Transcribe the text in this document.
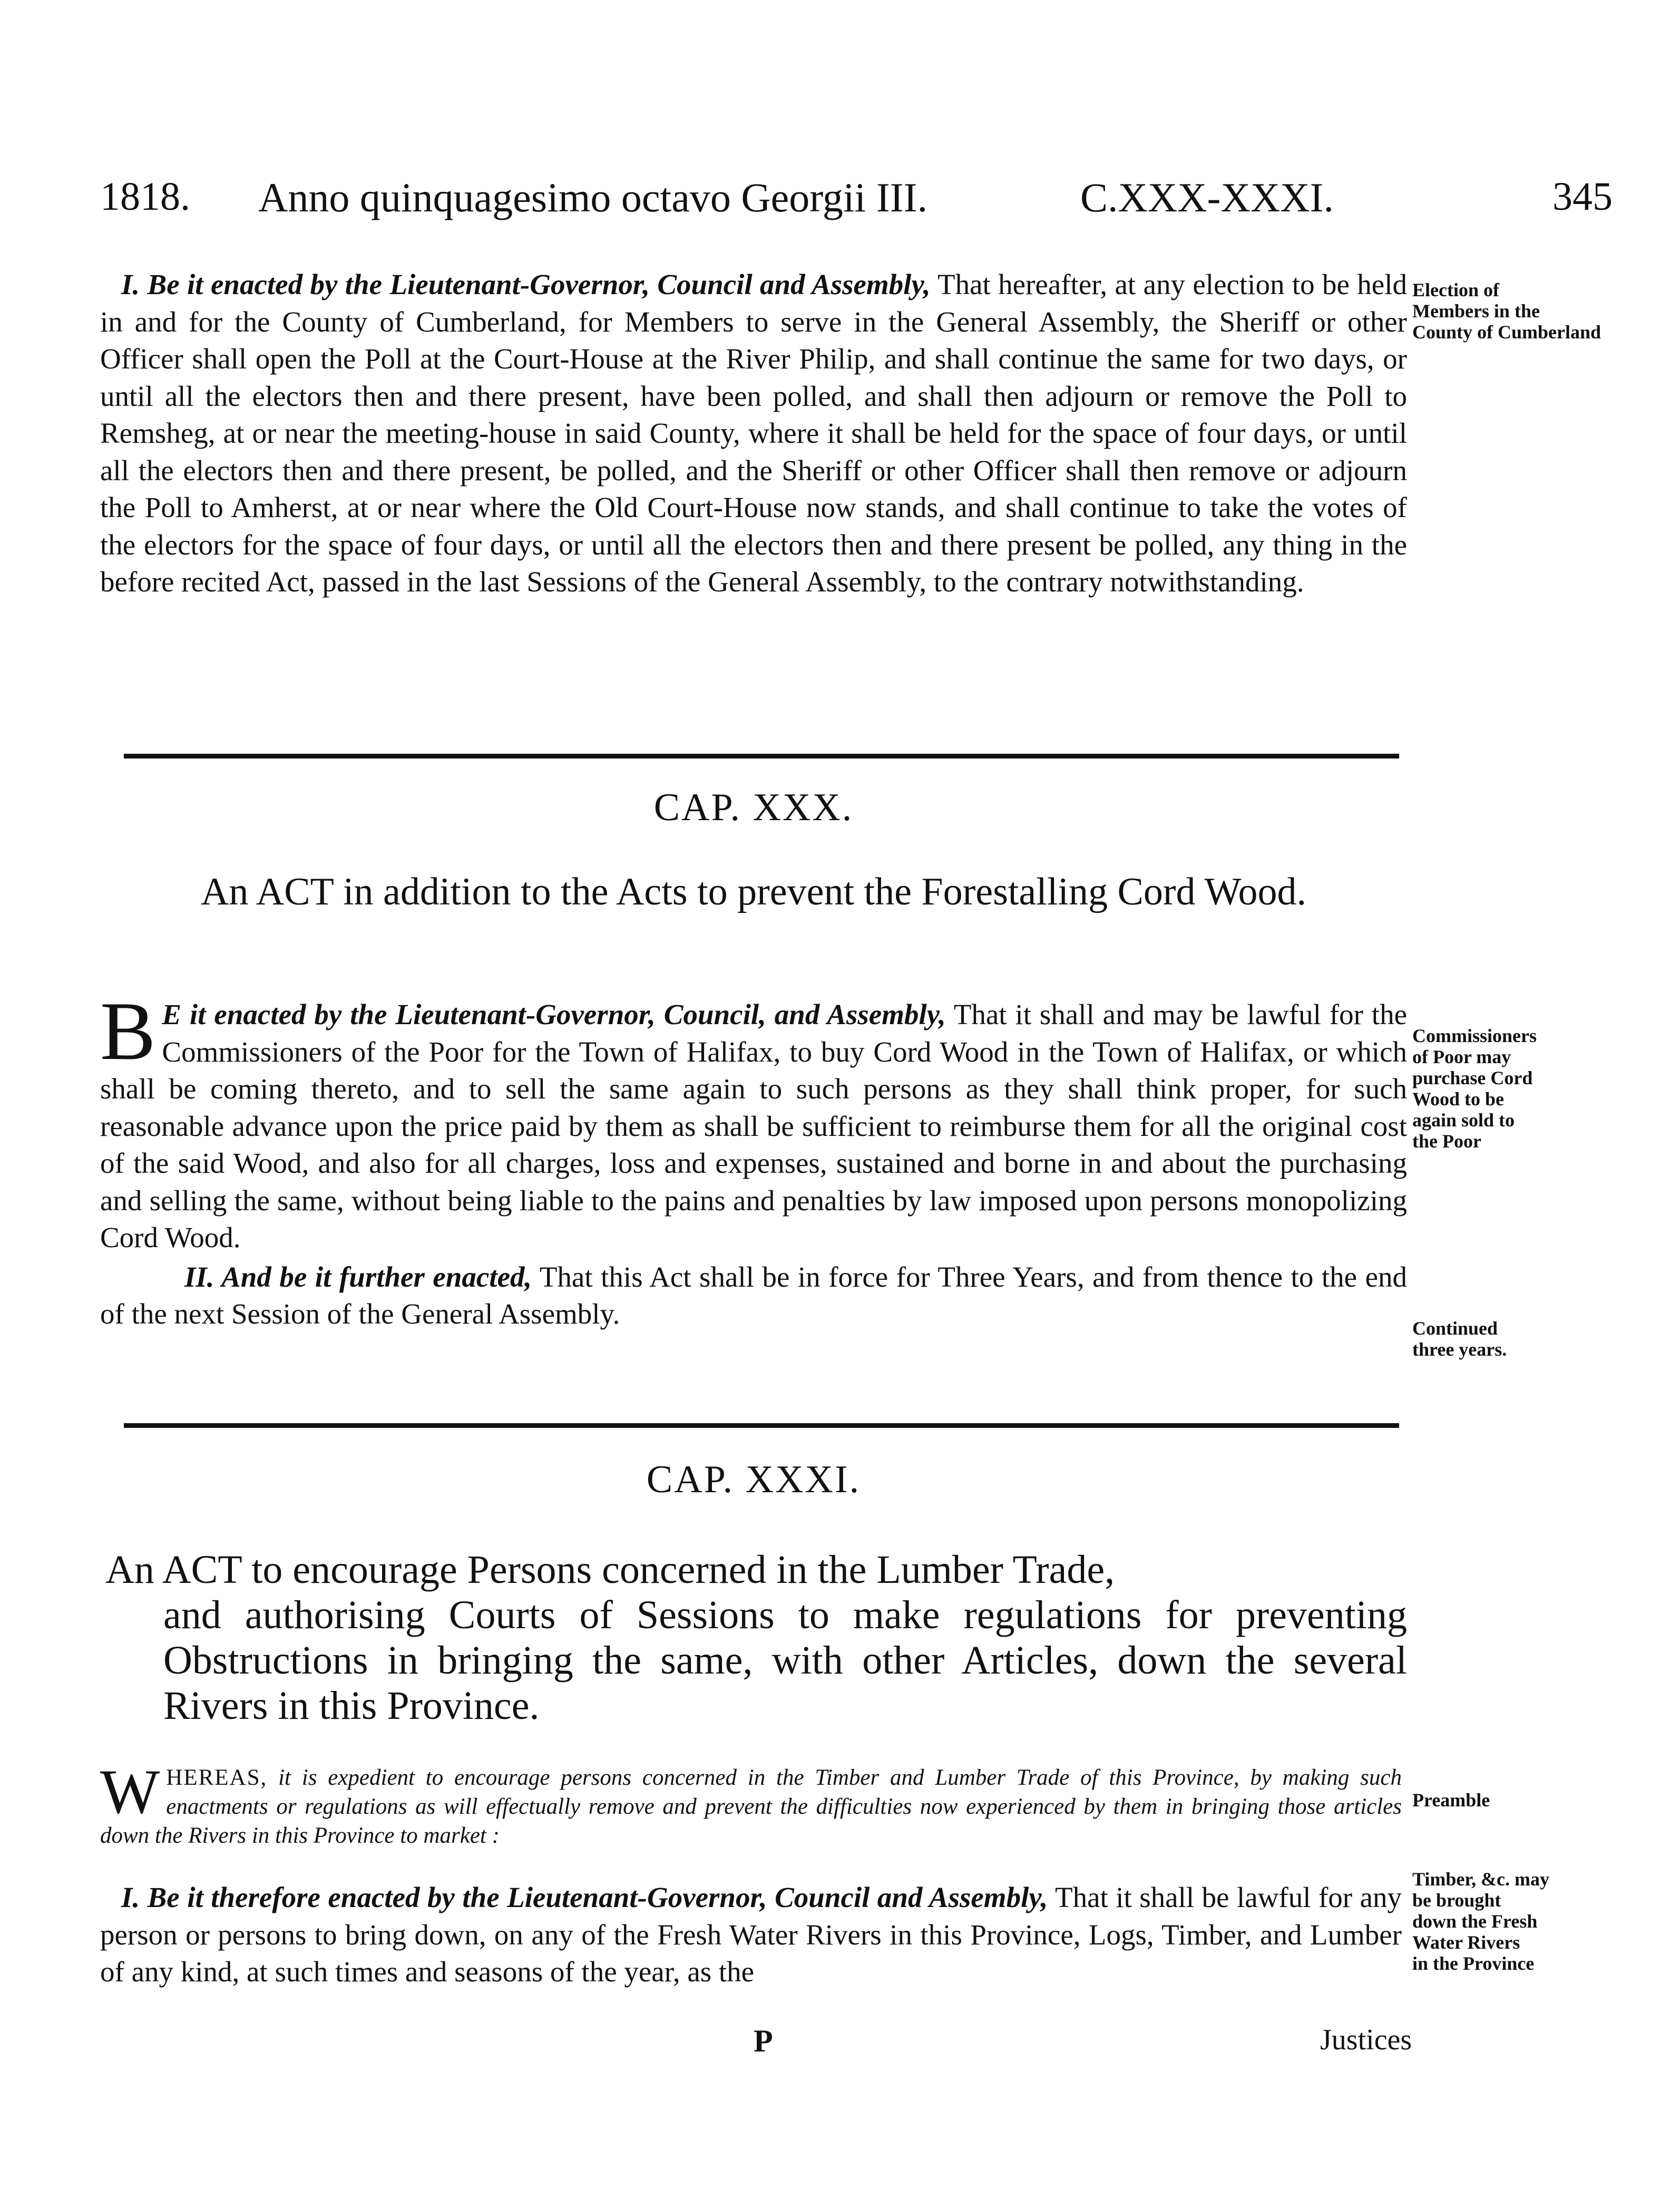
1818. Anno quinquagesimo octavo Georgii III.	C.XXX-XXXI.	345

I. Be it enacted by the Lieutenant-Governor, Council and Assembly, That hereafter, at any election to be held in and for the County of Cumberland, for Members to serve in the General Assembly, the Sheriff or other Officer shall open the Poll at the Court-House at the River Philip, and shall continue the same for two days, or until all the electors then and there present, have been polled, and shall then adjourn or remove the Poll to Remsheg, at or near the meeting-house in said County, where it shall be held for the space of four days, or until all the electors then and there present, be polled, and the Sheriff or other Officer shall then remove or adjourn the Poll to Amherst, at or near where the Old Court-House now stands, and shall continue to take the votes of the electors for the space of four days, or until all the electors then and there present be polled, any thing in the before recited Act, passed in the last Sessions of the General Assembly, to the contrary notwithstanding.

Election of
Members in the
County of Cumberland
CAP. XXX.
An ACT in addition to the Acts to prevent the Forestalling Cord Wood.

B E it enacted by the Lieutenant-Governor, Council, and Assembly, That it shall and may be lawful for the Commissioners of the Poor for the Town of Halifax, to buy Cord Wood in the Town of Halifax, or which shall be coming thereto, and to sell the same again to such persons as they shall think proper, for such reasonable advance upon the price paid by them as shall be sufficient to reimburse them for all the original cost of the said Wood, and also for all charges, loss and expenses, sustained and borne in and about the purchasing and selling the same, without being liable to the pains and penalties by law imposed upon persons monopolizing Cord Wood.

II. And be it further enacted, That this Act shall be in force for Three Years, and from thence to the end of the next Session of the General Assembly.

Commissioners
of Poor may
purchase Cord
Wood to be
again sold to
the Poor
Continued
three years.
CAP. XXXI.
An ACT to encourage Persons concerned in the Lumber Trade,
and authorising Courts of Sessions to make regulations for preventing Obstructions in bringing the same, with other Articles, down the several Rivers in this Province.

W HEREAS, it is expedient to encourage persons concerned in the Timber and Lumber Trade of this Province, by making such enactments or regulations as will effectually remove and prevent the difficulties now experienced by them in bringing those articles down the Rivers in this Province to market :

Preamble

I. Be it therefore enacted by the Lieutenant-Governor, Council and Assembly, That it shall be lawful for any person or persons to bring down, on any of the Fresh Water Rivers in this Province, Logs, Timber, and Lumber of any kind, at such times and seasons of the year, as the

Timber, &c. may
be brought
down the Fresh
Water Rivers
in the Province
P	Justices
